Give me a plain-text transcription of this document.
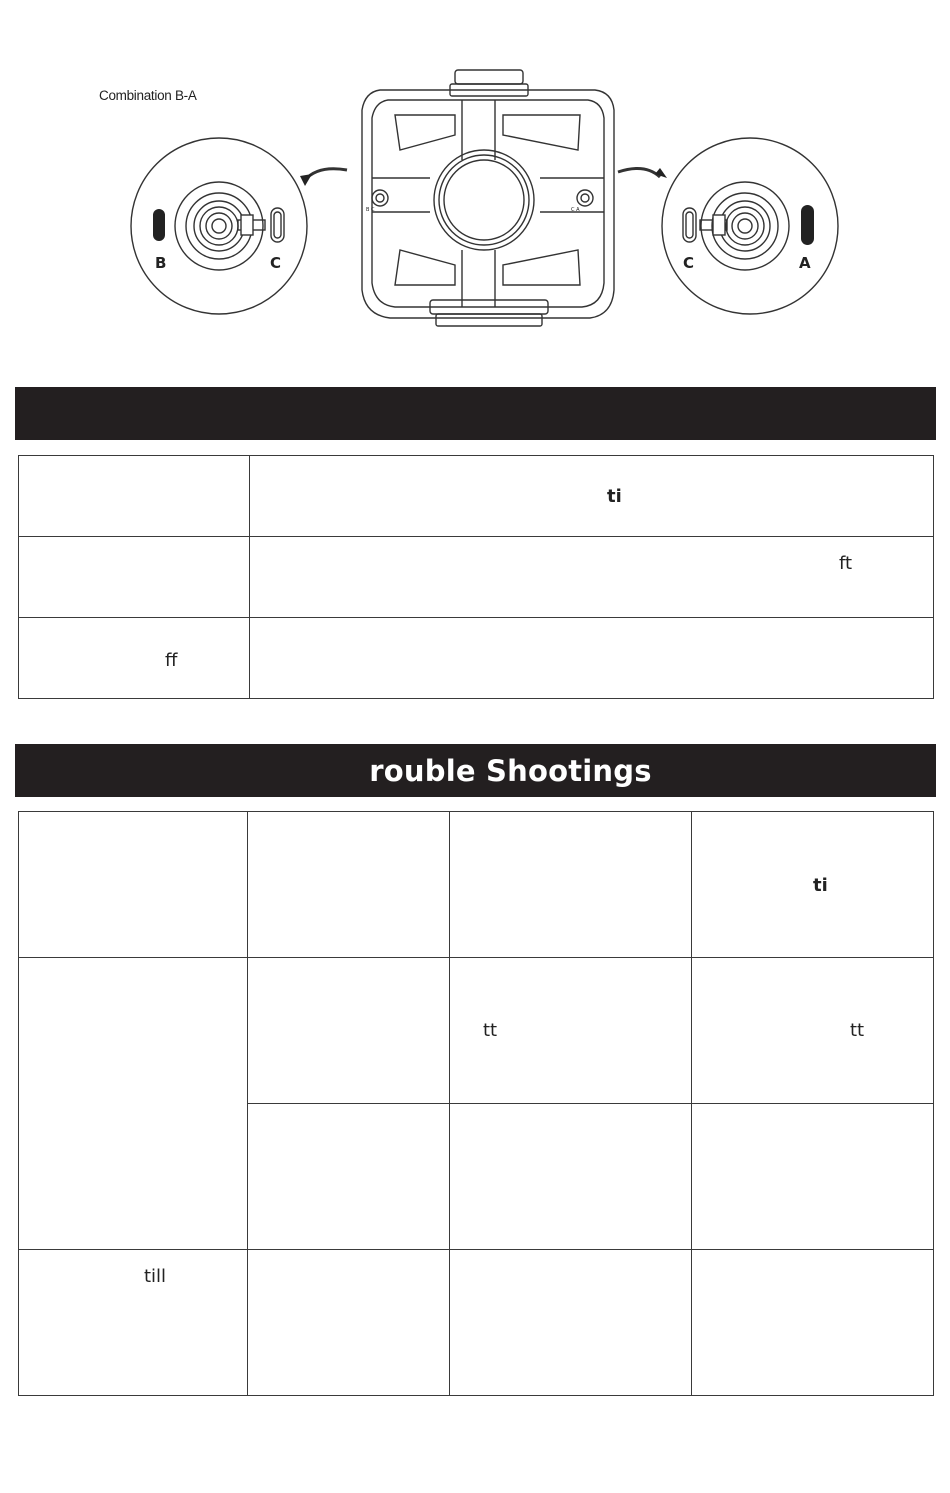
Combination B-A
B	C
B C	C A
C	A

	ti

	ft

ff	

rouble Shootings

			ti

		tt	tt

till			
